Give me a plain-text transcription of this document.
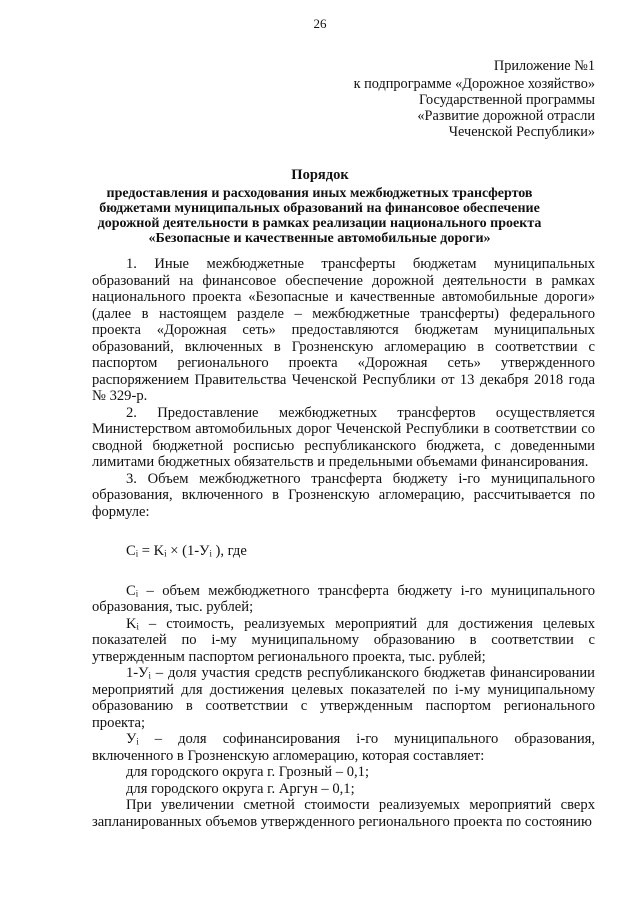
26
Приложение №1
к подпрограмме «Дорожное хозяйство»
Государственной программы
«Развитие дорожной отрасли
Чеченской Республики»
Порядок
предоставления и расходования иных межбюджетных трансфертов бюджетами муниципальных образований на финансовое обеспечение дорожной деятельности в рамках реализации национального проекта «Безопасные и качественные автомобильные дороги»

1. Иные межбюджетные трансферты бюджетам муниципальных образований на финансовое обеспечение дорожной деятельности в рамках национального проекта «Безопасные и качественные автомобильные дороги» (далее в настоящем разделе – межбюджетные трансферты) федерального проекта «Дорожная сеть» предоставляются бюджетам муниципальных образований, включенных в Грозненскую агломерацию в соответствии с паспортом регионального проекта «Дорожная сеть» утвержденного распоряжением Правительства Чеченской Республики от 13 декабря 2018 года № 329-р.

2. Предоставление межбюджетных трансфертов осуществляется Министерством автомобильных дорог Чеченской Республики в соответствии со сводной бюджетной росписью республиканского бюджета, с доведенными лимитами бюджетных обязательств и предельными объемами финансирования.

3. Объем межбюджетного трансферта бюджету i-го муниципального образования, включенного в Грозненскую агломерацию, рассчитывается по формуле:

Cᵢ = Kᵢ × (1-Уᵢ ), где

Cᵢ – объем межбюджетного трансферта бюджету i-го муниципального образования, тыс. рублей;

Kᵢ – стоимость, реализуемых мероприятий для достижения целевых показателей по i-му муниципальному образованию в соответствии с утвержденным паспортом регионального проекта, тыс. рублей;

1-Уᵢ – доля участия средств республиканского бюджетав финансировании мероприятий для достижения целевых показателей по i-му муниципальному образованию в соответствии с утвержденным паспортом регионального проекта;

Уᵢ – доля софинансирования i-го муниципального образования, включенного в Грозненскую агломерацию, которая составляет:

для городского округа г. Грозный – 0,1;

для городского округа г. Аргун – 0,1;

При увеличении сметной стоимости реализуемых мероприятий сверх запланированных объемов утвержденного регионального проекта по состоянию
